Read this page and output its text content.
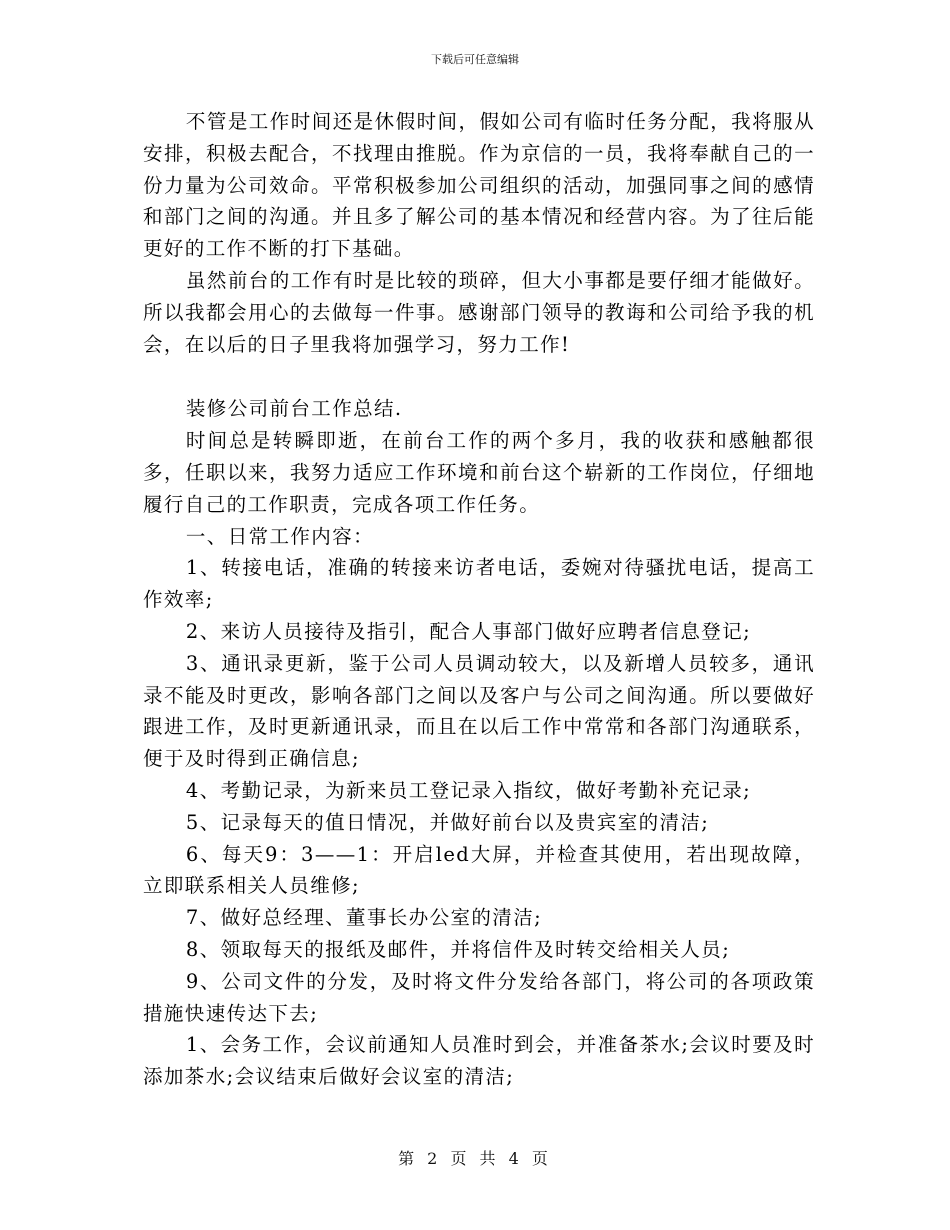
下载后可任意编辑

不管是工作时间还是休假时间，假如公司有临时任务分配，我将服从安排，积极去配合，不找理由推脱。作为京信的一员，我将奉献自己的一份力量为公司效命。平常积极参加公司组织的活动，加强同事之间的感情和部门之间的沟通。并且多了解公司的基本情况和经营内容。为了往后能更好的工作不断的打下基础。

虽然前台的工作有时是比较的琐碎，但大小事都是要仔细才能做好。所以我都会用心的去做每一件事。感谢部门领导的教诲和公司给予我的机会，在以后的日子里我将加强学习，努力工作!

装修公司前台工作总结.

时间总是转瞬即逝，在前台工作的两个多月，我的收获和感触都很多，任职以来，我努力适应工作环境和前台这个崭新的工作岗位，仔细地履行自己的工作职责，完成各项工作任务。

一、日常工作内容：

1、转接电话，准确的转接来访者电话，委婉对待骚扰电话，提高工作效率;

2、来访人员接待及指引，配合人事部门做好应聘者信息登记;

3、通讯录更新，鉴于公司人员调动较大，以及新增人员较多，通讯录不能及时更改，影响各部门之间以及客户与公司之间沟通。所以要做好跟进工作，及时更新通讯录，而且在以后工作中常常和各部门沟通联系，便于及时得到正确信息;

4、考勤记录，为新来员工登记录入指纹，做好考勤补充记录;

5、记录每天的值日情况，并做好前台以及贵宾室的清洁;

6、每天9：3——1：开启led大屏，并检查其使用，若出现故障，立即联系相关人员维修;

7、做好总经理、董事长办公室的清洁;

8、领取每天的报纸及邮件，并将信件及时转交给相关人员;

9、公司文件的分发，及时将文件分发给各部门，将公司的各项政策措施快速传达下去;

1、会务工作，会议前通知人员准时到会，并准备茶水;会议时要及时添加茶水;会议结束后做好会议室的清洁;

第 2 页 共 4 页
